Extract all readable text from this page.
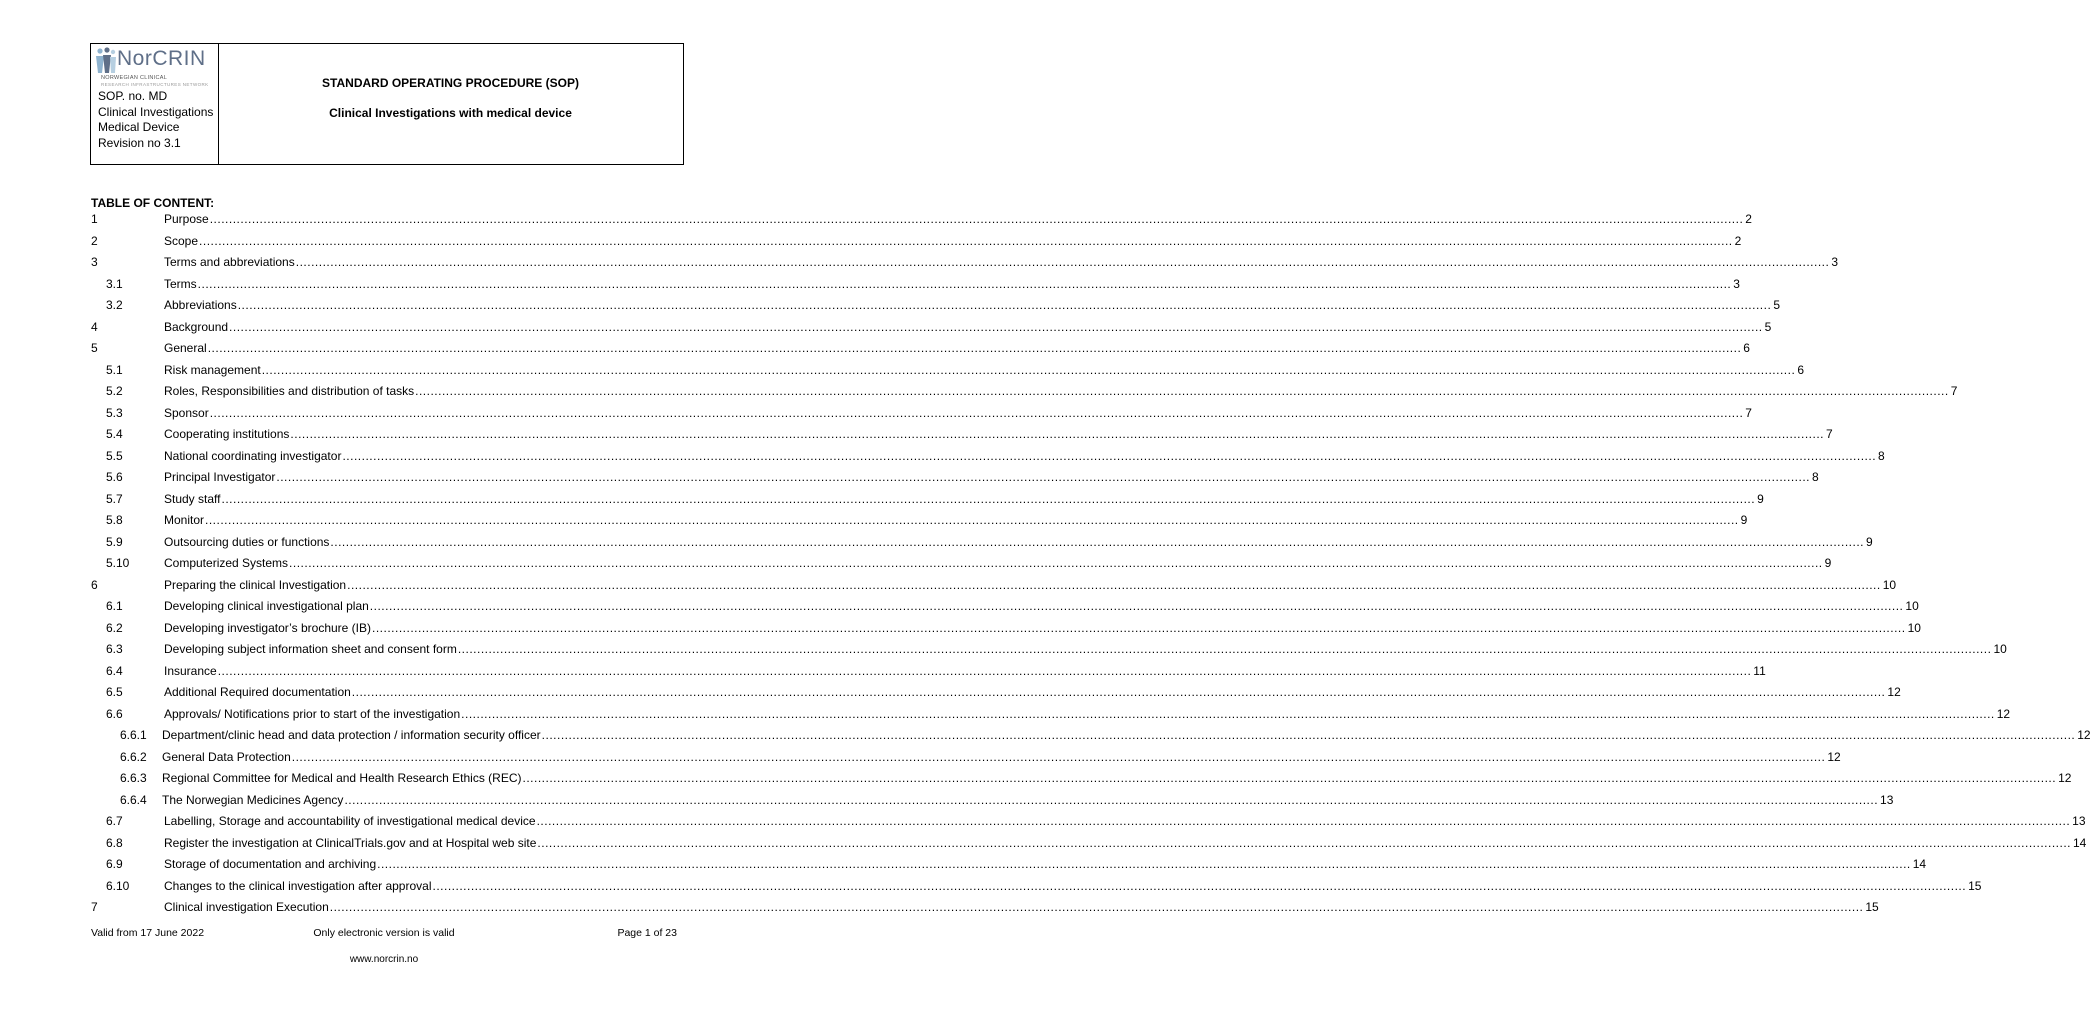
NorCRIN
NORWEGIAN CLINICAL
RESEARCH INFRASTRUCTURES NETWORK
SOP. no. MD
Clinical Investigations
Medical Device
Revision no 3.1
STANDARD OPERATING PROCEDURE (SOP)
Clinical Investigations with medical device
TABLE OF CONTENT:
1	Purpose ................................................................................................................................................................................................................................................................................................................................................................................................................ 2
2	Scope ................................................................................................................................................................................................................................................................................................................................................................................................................ 2
3	Terms and abbreviations ................................................................................................................................................................................................................................................................................................................................................................................................................ 3
3.1	Terms ................................................................................................................................................................................................................................................................................................................................................................................................................ 3
3.2	Abbreviations ................................................................................................................................................................................................................................................................................................................................................................................................................ 5
4	Background ................................................................................................................................................................................................................................................................................................................................................................................................................ 5
5	General ................................................................................................................................................................................................................................................................................................................................................................................................................ 6
5.1	Risk management ................................................................................................................................................................................................................................................................................................................................................................................................................ 6
5.2	Roles, Responsibilities and distribution of tasks ................................................................................................................................................................................................................................................................................................................................................................................................................ 7
5.3	Sponsor ................................................................................................................................................................................................................................................................................................................................................................................................................ 7
5.4	Cooperating institutions ................................................................................................................................................................................................................................................................................................................................................................................................................ 7
5.5	National coordinating investigator ................................................................................................................................................................................................................................................................................................................................................................................................................ 8
5.6	Principal Investigator ................................................................................................................................................................................................................................................................................................................................................................................................................ 8
5.7	Study staff ................................................................................................................................................................................................................................................................................................................................................................................................................ 9
5.8	Monitor ................................................................................................................................................................................................................................................................................................................................................................................................................ 9
5.9	Outsourcing duties or functions ................................................................................................................................................................................................................................................................................................................................................................................................................ 9
5.10	Computerized Systems ................................................................................................................................................................................................................................................................................................................................................................................................................ 9
6	Preparing the clinical Investigation ................................................................................................................................................................................................................................................................................................................................................................................................................ 10
6.1	Developing clinical investigational plan ................................................................................................................................................................................................................................................................................................................................................................................................................ 10
6.2	Developing investigator’s brochure (IB) ................................................................................................................................................................................................................................................................................................................................................................................................................ 10
6.3	Developing subject information sheet and consent form ................................................................................................................................................................................................................................................................................................................................................................................................................ 10
6.4	Insurance ................................................................................................................................................................................................................................................................................................................................................................................................................ 11
6.5	Additional Required documentation ................................................................................................................................................................................................................................................................................................................................................................................................................ 12
6.6	Approvals/ Notifications prior to start of the investigation ................................................................................................................................................................................................................................................................................................................................................................................................................ 12
6.6.1 Department/clinic head and data protection / information security officer ................................................................................................................................................................................................................................................................................................................................................................................................................ 12
6.6.2 General Data Protection ................................................................................................................................................................................................................................................................................................................................................................................................................ 12
6.6.3 Regional Committee for Medical and Health Research Ethics (REC) ................................................................................................................................................................................................................................................................................................................................................................................................................ 12
6.6.4 The Norwegian Medicines Agency ................................................................................................................................................................................................................................................................................................................................................................................................................ 13
6.7	Labelling, Storage and accountability of investigational medical device ................................................................................................................................................................................................................................................................................................................................................................................................................ 13
6.8	Register the investigation at ClinicalTrials.gov and at Hospital web site ................................................................................................................................................................................................................................................................................................................................................................................................................ 14
6.9	Storage of documentation and archiving ................................................................................................................................................................................................................................................................................................................................................................................................................ 14
6.10	Changes to the clinical investigation after approval ................................................................................................................................................................................................................................................................................................................................................................................................................ 15
7	Clinical investigation Execution ................................................................................................................................................................................................................................................................................................................................................................................................................ 15
Valid from 17 June 2022	Only electronic version is valid	Page 1 of 23
www.norcrin.no
